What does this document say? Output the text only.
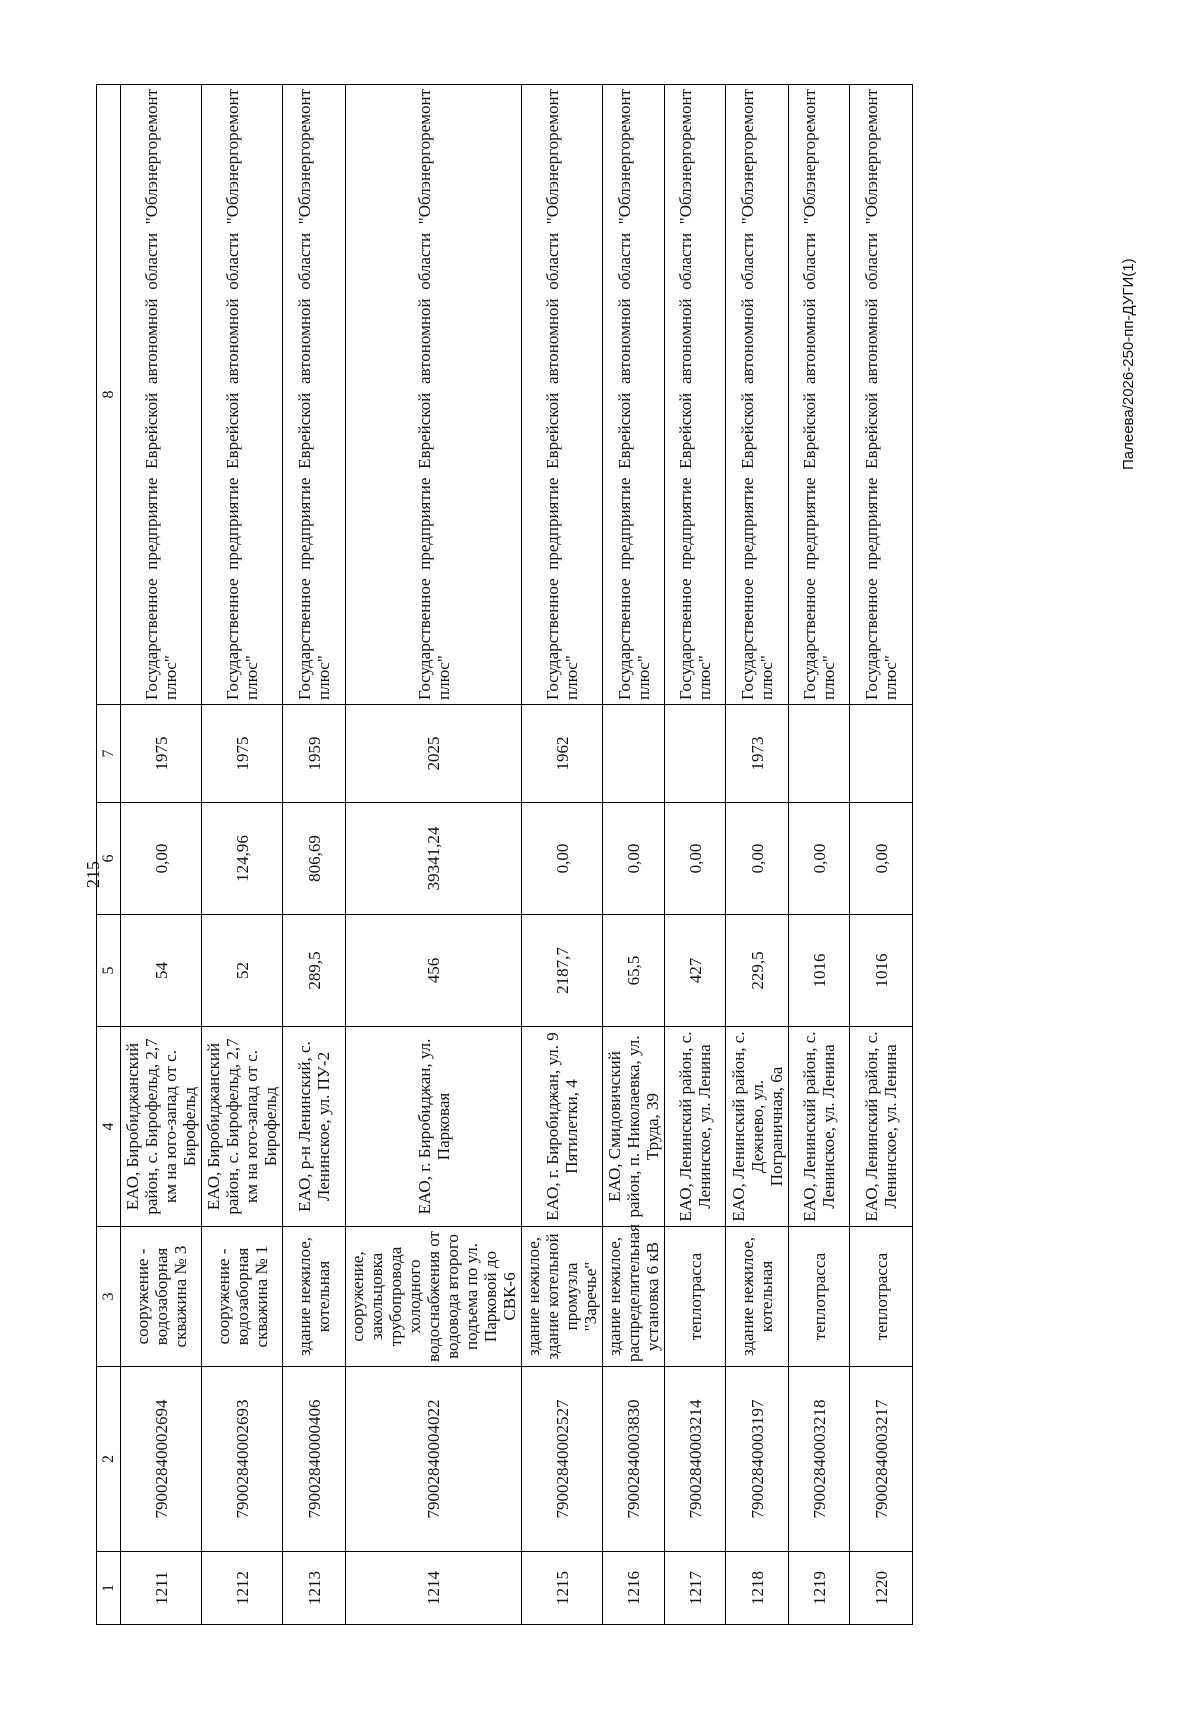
215
1	2	3	4	5	6	7	8
1211	79002840002694	сооружение - водозаборная скважина № 3	ЕАО, Биробиджанский район, с. Бирофельд, 2,7 км на юго-запад от с. Бирофельд	54	0,00	1975	Государственное предприятие Еврейской автономной области "Облэнергоремонт плюс"
1212	79002840002693	сооружение - водозаборная скважина № 1	ЕАО, Биробиджанский район, с. Бирофельд, 2,7 км на юго-запад от с. Бирофельд	52	124,96	1975	Государственное предприятие Еврейской автономной области "Облэнергоремонт плюс"
1213	79002840000406	здание нежилое, котельная	ЕАО, р-н Ленинский, с. Ленинское, ул. ПУ-2	289,5	806,69	1959	Государственное предприятие Еврейской автономной области "Облэнергоремонт плюс"
1214	79002840004022	сооружение, закольцовка трубопровода холодного водоснабжения от водовода второго подъема по ул. Парковой до СВК-6	ЕАО, г. Биробиджан, ул. Парковая	456	39341,24	2025	Государственное предприятие Еврейской автономной области "Облэнергоремонт плюс"
1215	79002840002527	здание нежилое, здание котельной промузла "Заречье"	ЕАО, г. Биробиджан, ул. 9 Пятилетки, 4	2187,7	0,00	1962	Государственное предприятие Еврейской автономной области "Облэнергоремонт плюс"
1216	79002840003830	здание нежилое, распределительная установка 6 кВ	ЕАО, Смидовичский район, п. Николаевка, ул. Труда, 39	65,5	0,00		Государственное предприятие Еврейской автономной области "Облэнергоремонт плюс"
1217	79002840003214	теплотрасса	ЕАО, Ленинский район, с. Ленинское, ул. Ленина	427	0,00		Государственное предприятие Еврейской автономной области "Облэнергоремонт плюс"
1218	79002840003197	здание нежилое, котельная	ЕАО, Ленинский район, с. Дежнево, ул. Пограничная, 6а	229,5	0,00	1973	Государственное предприятие Еврейской автономной области "Облэнергоремонт плюс"
1219	79002840003218	теплотрасса	ЕАО, Ленинский район, с. Ленинское, ул. Ленина	1016	0,00		Государственное предприятие Еврейской автономной области "Облэнергоремонт плюс"
1220	79002840003217	теплотрасса	ЕАО, Ленинский район, с. Ленинское, ул. Ленина	1016	0,00		Государственное предприятие Еврейской автономной области "Облэнергоремонт плюс"
Палеева/2026-250-пп-ДУГИ(1)
